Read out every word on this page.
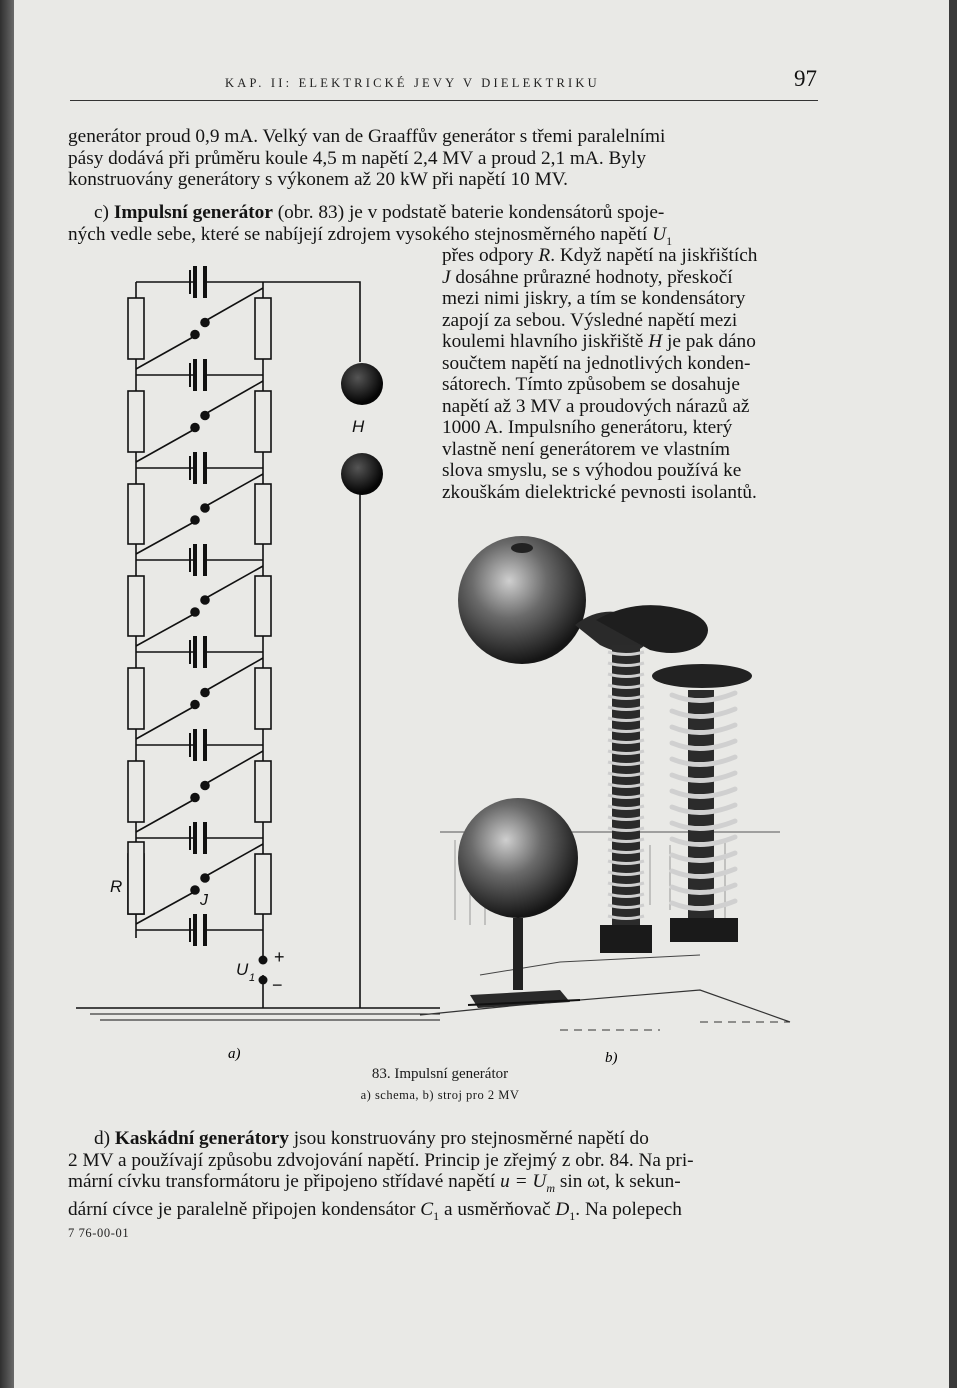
KAP. II: ELEKTRICKÉ JEVY V DIELEKTRIKU	97
generátor proud 0,9 mA. Velký van de Graaffův generátor s třemi paralelními
pásy dodává při průměru koule 4,5 m napětí 2,4 MV a proud 2,1 mA. Byly
konstruovány generátory s výkonem až 20 kW při napětí 10 MV.
c) Impulsní generátor (obr. 83) je v podstatě baterie kondensátorů spoje-
ných vedle sebe, které se nabíjejí zdrojem vysokého stejnosměrného napětí $U_1$
přes odpory R. Když napětí na jiskřištích
J dosáhne průrazné hodnoty, přeskočí
mezi nimi jiskry, a tím se kondensátory
zapojí za sebou. Výsledné napětí mezi
koulemi hlavního jiskřiště H je pak dáno
součtem napětí na jednotlivých konden-
sátorech. Tímto způsobem se dosahuje
napětí až 3 MV a proudových nárazů až
1000 A. Impulsního generátoru, který
vlastně není generátorem ve vlastním
slova smyslu, se s výhodou používá ke
zkouškám dielektrické pevnosti isolantů.
H
R
J
U 1
+
−
a)	b)
83. Impulsní generátor
a) schema, b) stroj pro 2 MV
d) Kaskádní generátory jsou konstruovány pro stejnosměrné napětí do
2 MV a používají způsobu zdvojování napětí. Princip je zřejmý z obr. 84. Na pri-
mární cívku transformátoru je připojeno střídavé napětí $u = U_m$ sin ωt, k sekun-
dární cívce je paralelně připojen kondensátor $C_1$ a usměrňovač $D_1$. Na polepech
7 76-00-01
